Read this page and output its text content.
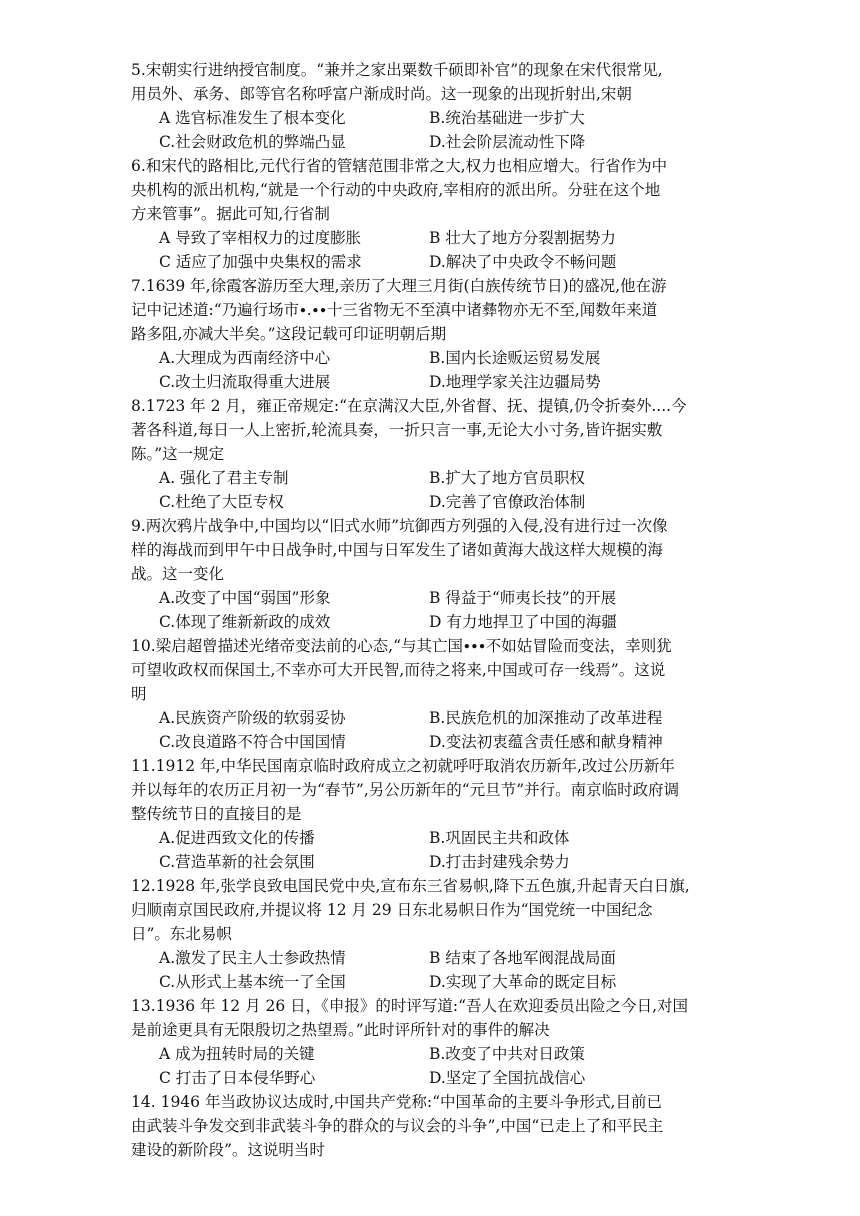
5.宋朝实行进纳授官制度。“兼并之家出粟数千硕即补官”的现象在宋代很常见,
用员外、承务、郎等官名称呼富户渐成时尚。这一现象的出现折射出,宋朝
A 选官标准发生了根本变化	B.统治基础进一步扩大
C.社会财政危机的弊端凸显	D.社会阶层流动性下降
6.和宋代的路相比,元代行省的管辖范围非常之大,权力也相应增大。行省作为中
央机构的派出机构,“就是一个行动的中央政府,宰相府的派出所。分驻在这个地
方来管事”。据此可知,行省制
A 导致了宰相权力的过度膨胀	B 壮大了地方分裂割据势力
C 适应了加强中央集权的需求	D.解决了中央政令不畅问题
7.1639 年,徐霞客游历至大理,亲历了大理三月街(白族传统节日)的盛况,他在游
记中记述道:“乃遍行场市∙.∙∙十三省物无不至滇中诸彝物亦无不至,闻数年来道
路多阻,亦减大半矣。”这段记载可印证明朝后期
A.大理成为西南经济中心	B.国内长途贩运贸易发展
C.改土归流取得重大进展	D.地理学家关注边疆局势
8.1723 年 2 月，雍正帝规定:“在京满汉大臣,外省督、抚、提镇,仍令折奏外....今
著各科道,每日一人上密折,轮流具奏，一折只言一事,无论大小寸务,皆许据实敷
陈。”这一规定
A. 强化了君主专制	B.扩大了地方官员职权
C.杜绝了大臣专权	D.完善了官僚政治体制
9.两次鸦片战争中,中国均以“旧式水师”坑御西方列强的入侵,没有进行过一次像
样的海战而到甲午中日战争时,中国与日军发生了诸如黄海大战这样大规模的海
战。这一变化
A.改变了中国“弱国”形象	B 得益于“师夷长技”的开展
C.体现了维新新政的成效	D 有力地捍卫了中国的海疆
10.梁启超曾描述光绪帝变法前的心态,“与其亡国∙∙∙不如姑冒险而变法，幸则犹
可望收政权而保国土,不幸亦可大开民智,而待之将来,中国或可存一线焉”。这说
明
A.民族资产阶级的软弱妥协	B.民族危机的加深推动了改革进程
C.改良道路不符合中国国情	D.变法初衷蕴含责任感和献身精神
11.1912 年,中华民国南京临时政府成立之初就呼吁取消农历新年,改过公历新年
并以每年的农历正月初一为“春节”,另公历新年的“元旦节”并行。南京临时政府调
整传统节日的直接目的是
A.促进西致文化的传播	B.巩固民主共和政体
C.营造革新的社会氛围	D.打击封建残余势力
12.1928 年,张学良致电国民党中央,宣布东三省易帜,降下五色旗,升起青天白日旗,
归顺南京国民政府,并提议将 12 月 29 日东北易帜日作为“国党统一中国纪念
日”。东北易帜
A.激发了民主人士参政热情	B 结束了各地军阀混战局面
C.从形式上基本统一了全国	D.实现了大革命的既定目标
13.1936 年 12 月 26 日，《申报》的时评写道:“吾人在欢迎委员出险之今日,对国
是前途更具有无限殷切之热望焉。”此时评所针对的事件的解决
A 成为扭转时局的关键	B.改变了中共对日政策
C 打击了日本侵华野心	D.坚定了全国抗战信心
14. 1946 年当政协议达成时,中国共产党称:“中国革命的主要斗争形式,目前已
由武装斗争发交到非武装斗争的群众的与议会的斗争”,中国“已走上了和平民主
建设的新阶段”。这说明当时
